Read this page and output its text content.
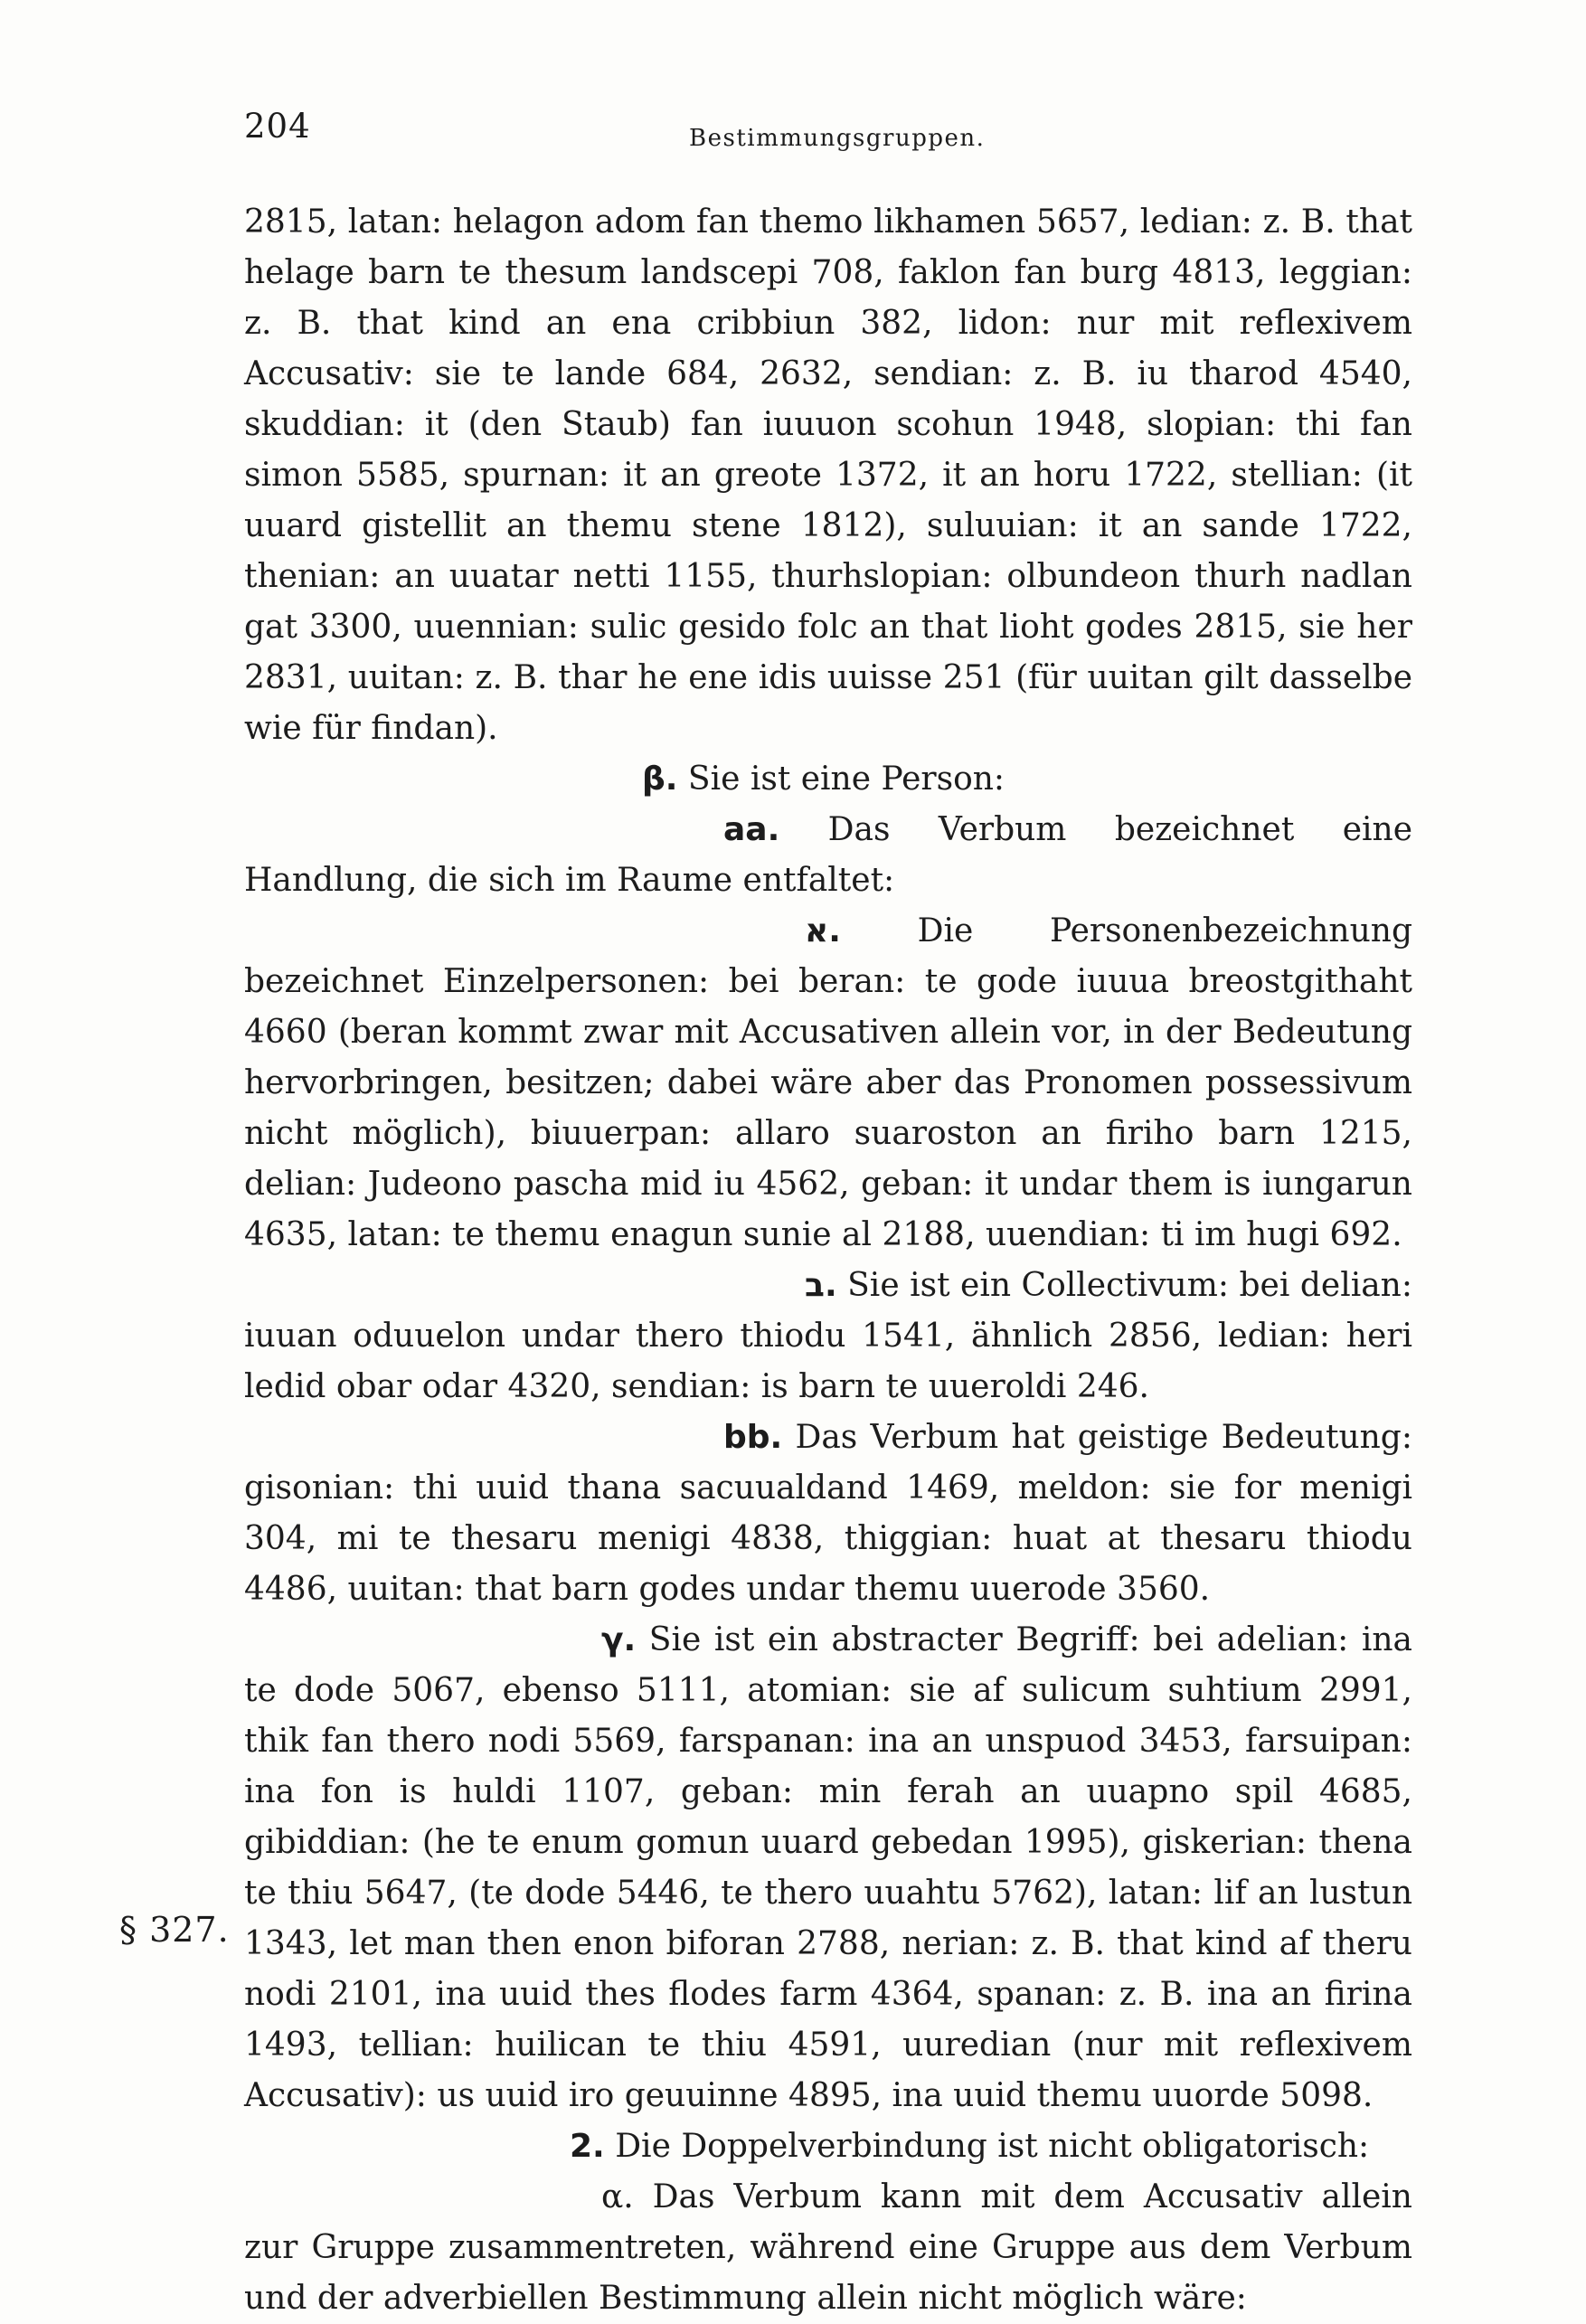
204	Bestimmungsgruppen.

2815, latan: helagon adom fan themo likhamen 5657, ledian: z. B. that helage barn te thesum landscepi 708, faklon fan burg 4813, leggian: z. B. that kind an ena cribbiun 382, lidon: nur mit reflexivem Accusativ: sie te lande 684, 2632, sendian: z. B. iu tharod 4540, skuddian: it (den Staub) fan iuuuon scohun 1948, slopian: thi fan simon 5585, spurnan: it an greote 1372, it an horu 1722, stellian: (it uuard gistellit an themu stene 1812), suluuian: it an sande 1722, thenian: an uuatar netti 1155, thurhslopian: olbundeon thurh nadlan gat 3300, uuennian: sulic gesido folc an that lioht godes 2815, sie her 2831, uuitan: z. B. thar he ene idis uuisse 251 (für uuitan gilt dasselbe wie für findan).

β. Sie ist eine Person:

aa. Das Verbum bezeichnet eine Handlung, die sich im Raume entfaltet:

א. Die Personenbezeichnung bezeichnet Einzelpersonen: bei beran: te gode iuuua breostgithaht 4660 (beran kommt zwar mit Accusativen allein vor, in der Bedeutung hervorbringen, besitzen; dabei wäre aber das Pronomen possessivum nicht möglich), biuuerpan: allaro suaroston an firiho barn 1215, delian: Judeono pascha mid iu 4562, geban: it undar them is iungarun 4635, latan: te themu enagun sunie al 2188, uuendian: ti im hugi 692.

ב. Sie ist ein Collectivum: bei delian: iuuan oduuelon undar thero thiodu 1541, ähnlich 2856, ledian: heri ledid obar odar 4320, sendian: is barn te uueroldi 246.

bb. Das Verbum hat geistige Bedeutung: gisonian: thi uuid thana sacuualdand 1469, meldon: sie for menigi 304, mi te thesaru menigi 4838, thiggian: huat at thesaru thiodu 4486, uuitan: that barn godes undar themu uuerode 3560.

γ. Sie ist ein abstracter Begriff: bei adelian: ina te dode 5067, ebenso 5111, atomian: sie af sulicum suhtium 2991, thik fan thero nodi 5569, farspanan: ina an unspuod 3453, farsuipan: ina fon is huldi 1107, geban: min ferah an uuapno spil 4685, gibiddian: (he te enum gomun uuard gebedan 1995), giskerian: thena te thiu 5647, (te dode 5446, te thero uuahtu 5762), latan: lif an lustun 1343, let man then enon biforan 2788, nerian: z. B. that kind af theru nodi 2101, ina uuid thes flodes farm 4364, spanan: z. B. ina an firina 1493, tellian: huilican te thiu 4591, uuredian (nur mit reflexivem Accusativ): us uuid iro geuuinne 4895, ina uuid themu uuorde 5098.

2. Die Doppelverbindung ist nicht obligatorisch:

α. Das Verbum kann mit dem Accusativ allein zur Gruppe zusammentreten, während eine Gruppe aus dem Verbum und der adverbiellen Bestimmung allein nicht möglich wäre:

§ 327.
